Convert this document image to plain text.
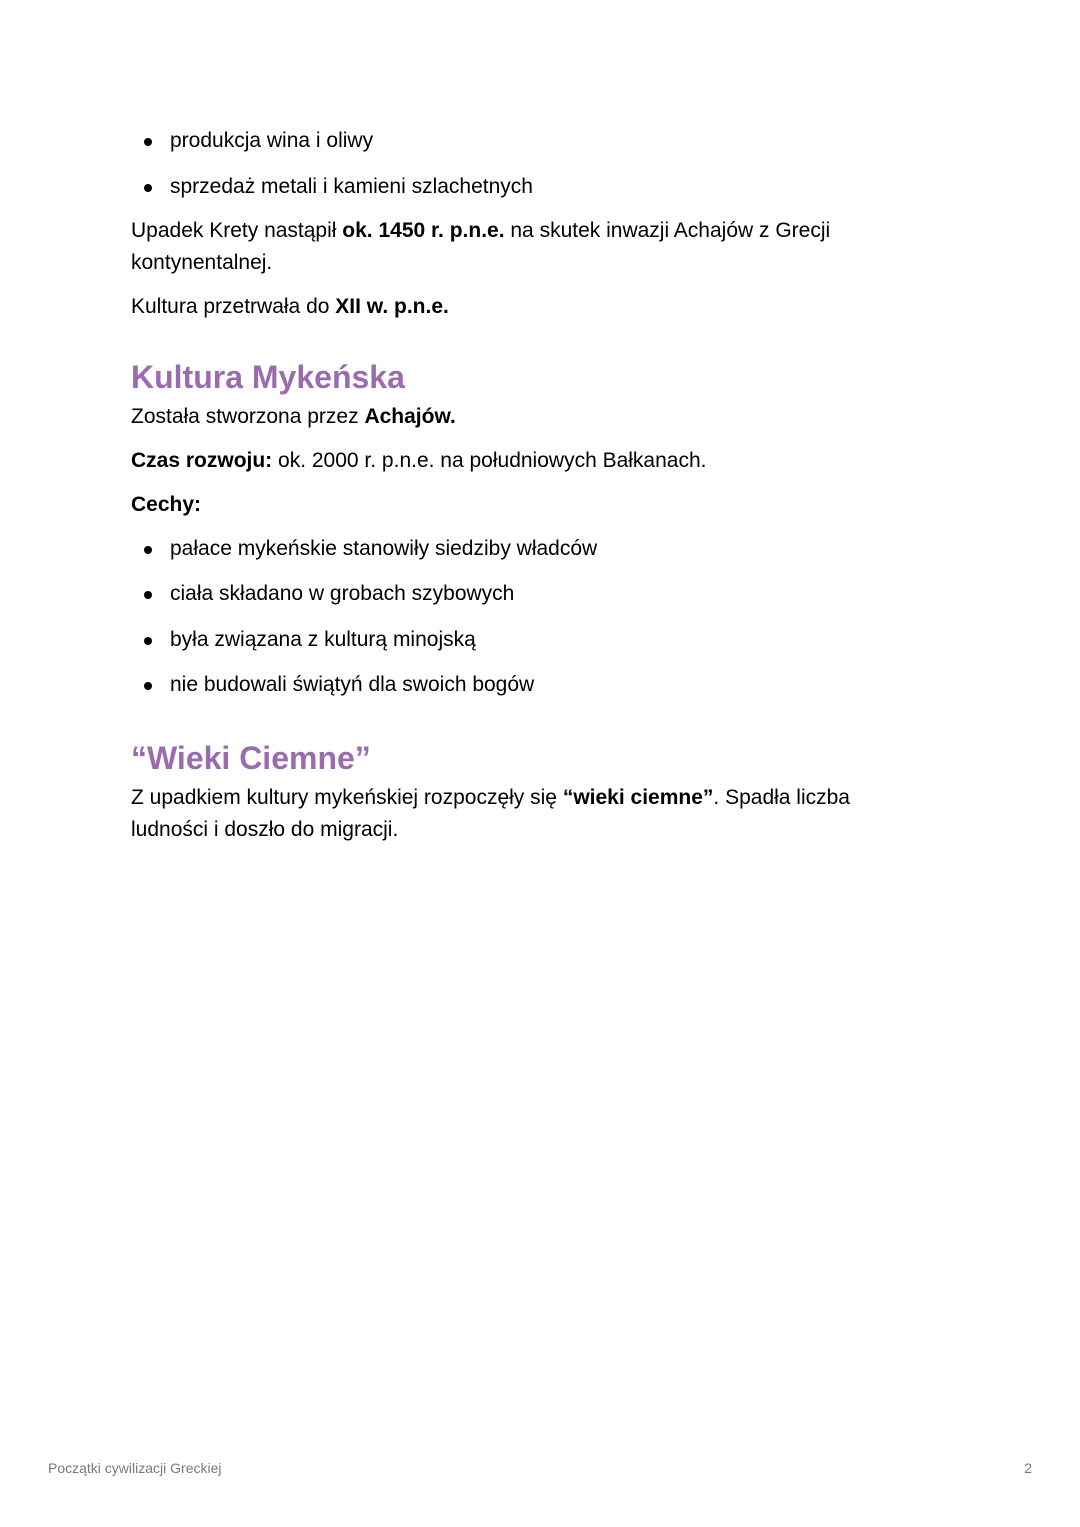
produkcja wina i oliwy
sprzedaż metali i kamieni szlachetnych

Upadek Krety nastąpił ok. 1450 r. p.n.e. na skutek inwazji Achajów z Grecji kontynentalnej.

Kultura przetrwała do XII w. p.n.e.

Kultura Mykeńska

Została stworzona przez Achajów.

Czas rozwoju: ok. 2000 r. p.n.e. na południowych Bałkanach.

Cechy:

pałace mykeńskie stanowiły siedziby władców
ciała składano w grobach szybowych
była związana z kulturą minojską
nie budowali świątyń dla swoich bogów
“Wieki Ciemne”

Z upadkiem kultury mykeńskiej rozpoczęły się “wieki ciemne”. Spadła liczba ludności i doszło do migracji.

Początki cywilizacji Greckiej	2
